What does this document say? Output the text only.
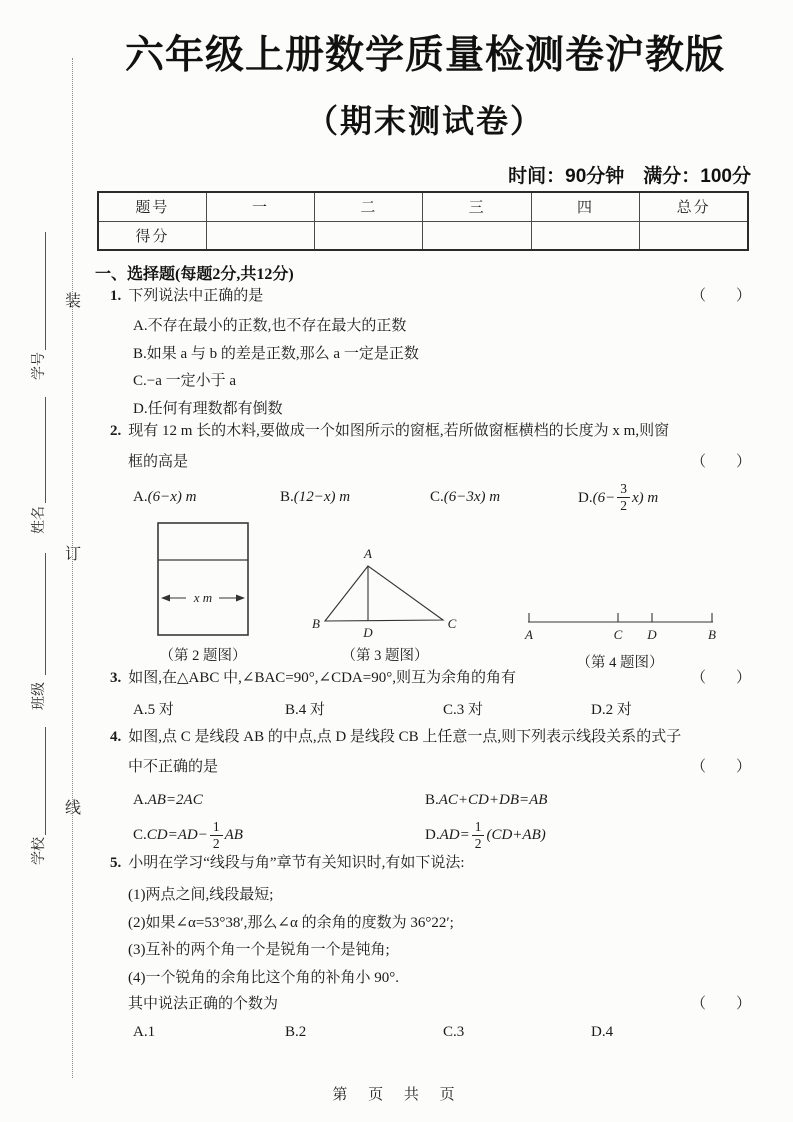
装
订
线
学号
姓名
班级
学校
六年级上册数学质量检测卷沪教版
（期末测试卷）
时间：90分钟　满分：100分
题号	一	二	三	四	总分
得分					
一、选择题(每题2分,共12分)
1. 下列说法中正确的是	（　　）
A.不存在最小的正数,也不存在最大的正数
B.如果 a 与 b 的差是正数,那么 a 一定是正数
C.−a 一定小于 a
D.任何有理数都有倒数
2. 现有 12 m 长的木料,要做成一个如图所示的窗框,若所做窗框横档的长度为 x m,则窗
框的高是	（　　）
A.(6−x) m	B.(12−x) m	C.(6−3x) m	$D.(6- \frac{3}{2} x)$ m
x m
（第 2 题图）
A
B	C
D
（第 3 题图）
A	C D	B
（第 4 题图）
3. 如图,在△ABC 中,∠BAC=90°,∠CDA=90°,则互为余角的角有	（　　）
A.5 对	B.4 对	C.3 对	D.2 对
4. 如图,点 C 是线段 AB 的中点,点 D 是线段 CB 上任意一点,则下列表示线段关系的式子
中不正确的是	（　　）
A. AB=2AC	B. AC+CD+DB=AB
C. $CD=AD- \frac{1}{2}$ AB	D. $AD= \frac{1}{2} (CD+AB)$
5. 小明在学习“线段与角”章节有关知识时,有如下说法:
(1)两点之间,线段最短;
(2)如果∠α=53°38′,那么∠α 的余角的度数为 36°22′;
(3)互补的两个角一个是锐角一个是钝角;
(4)一个锐角的余角比这个角的补角小 90°.
其中说法正确的个数为	（　　）
A.1	B.2	C.3	D.4
第 页 共 页
